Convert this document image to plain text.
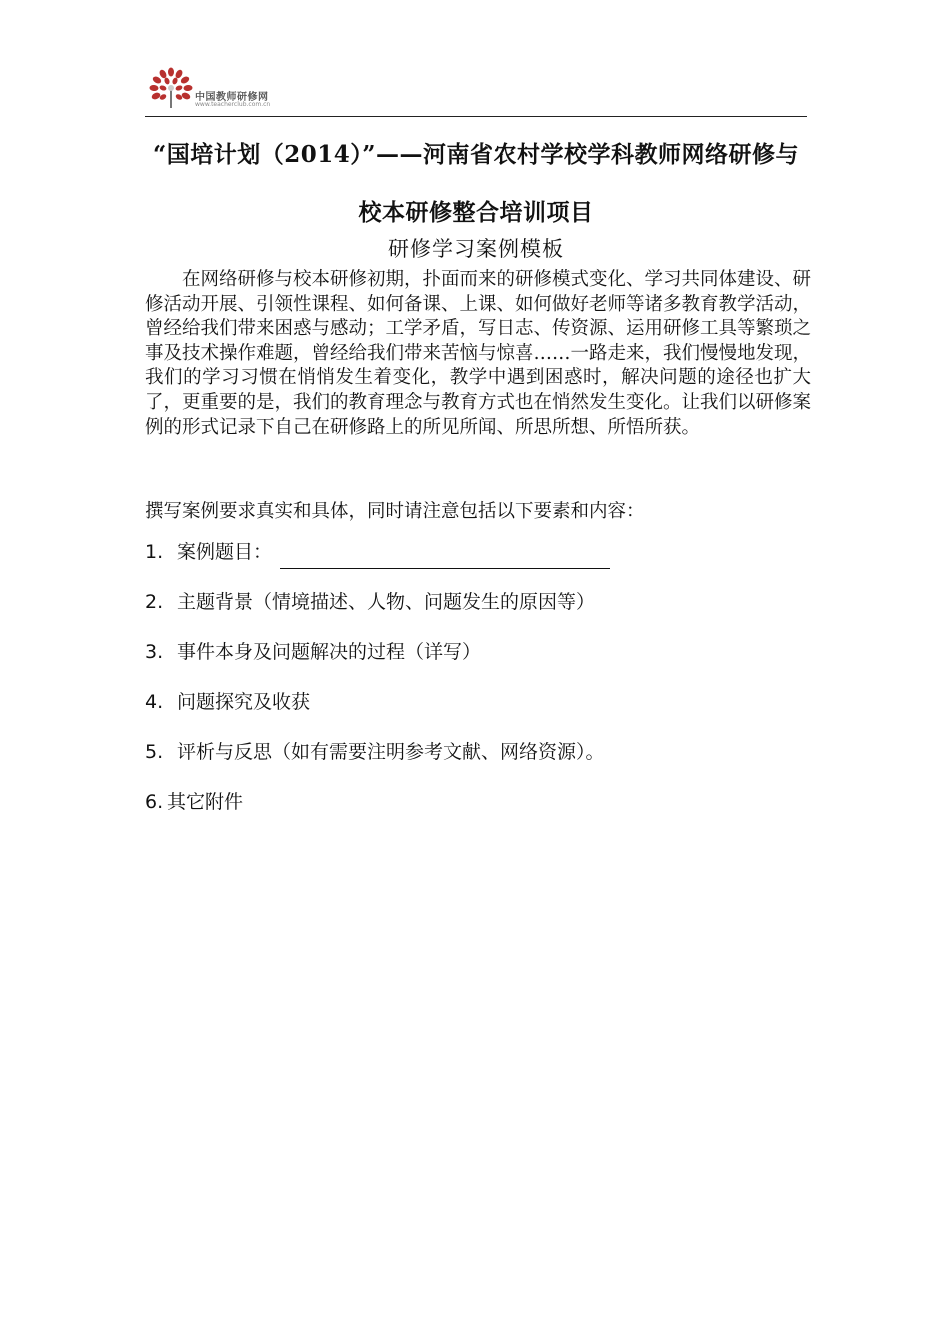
中国教师研修网
www.teacherclub.com.cn
“国培计划（2014）”——河南省农村学校学科教师网络研修与校本研修整合培训项目
研修学习案例模板

在网络研修与校本研修初期，扑面而来的研修模式变化、学习共同体建设、研修活动开展、引领性课程、如何备课、上课、如何做好老师等诸多教育教学活动，曾经给我们带来困惑与感动；工学矛盾，写日志、传资源、运用研修工具等繁琐之事及技术操作难题，曾经给我们带来苦恼与惊喜……一路走来，我们慢慢地发现，我们的学习习惯在悄悄发生着变化，教学中遇到困惑时，解决问题的途径也扩大了，更重要的是，我们的教育理念与教育方式也在悄然发生变化。让我们以研修案例的形式记录下自己在研修路上的所见所闻、所思所想、所悟所获。

撰写案例要求真实和具体，同时请注意包括以下要素和内容：

1. 案例题目：
2. 主题背景（情境描述、人物、问题发生的原因等）
3. 事件本身及问题解决的过程（详写）
4. 问题探究及收获
5. 评析与反思（如有需要注明参考文献、网络资源）。
6. 其它附件
